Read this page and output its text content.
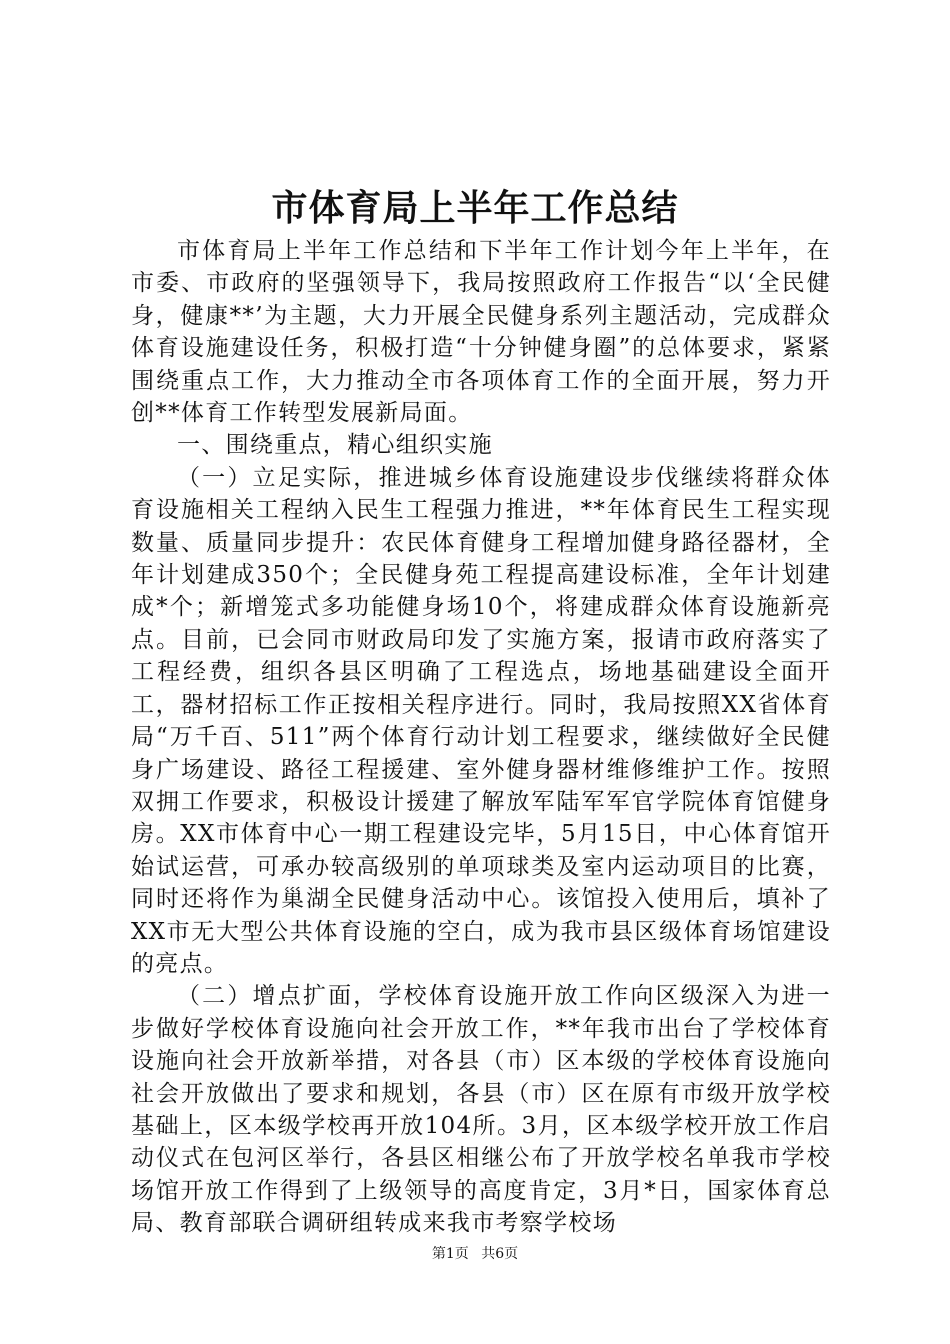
市体育局上半年工作总结

市体育局上半年工作总结和下半年工作计划今年上半年，在市委、市政府的坚强领导下，我局按照政府工作报告“以‘全民健身，健康**’为主题，大力开展全民健身系列主题活动，完成群众体育设施建设任务，积极打造“十分钟健身圈”的总体要求，紧紧围绕重点工作，大力推动全市各项体育工作的全面开展，努力开创**体育工作转型发展新局面。

一、围绕重点，精心组织实施

（一）立足实际，推进城乡体育设施建设步伐继续将群众体育设施相关工程纳入民生工程强力推进，**年体育民生工程实现数量、质量同步提升：农民体育健身工程增加健身路径器材，全年计划建成350个；全民健身苑工程提高建设标准，全年计划建成*个；新增笼式多功能健身场10个，将建成群众体育设施新亮点。目前，已会同市财政局印发了实施方案，报请市政府落实了工程经费，组织各县区明确了工程选点，场地基础建设全面开工，器材招标工作正按相关程序进行。同时，我局按照XX省体育局“万千百、511”两个体育行动计划工程要求，继续做好全民健身广场建设、路径工程援建、室外健身器材维修维护工作。按照双拥工作要求，积极设计援建了解放军陆军军官学院体育馆健身房。XX市体育中心一期工程建设完毕，5月15日，中心体育馆开始试运营，可承办较高级别的单项球类及室内运动项目的比赛，同时还将作为巢湖全民健身活动中心。该馆投入使用后，填补了XX市无大型公共体育设施的空白，成为我市县区级体育场馆建设的亮点。

（二）增点扩面，学校体育设施开放工作向区级深入为进一步做好学校体育设施向社会开放工作，**年我市出台了学校体育设施向社会开放新举措，对各县（市）区本级的学校体育设施向社会开放做出了要求和规划，各县（市）区在原有市级开放学校基础上，区本级学校再开放104所。3月，区本级学校开放工作启动仪式在包河区举行，各县区相继公布了开放学校名单我市学校场馆开放工作得到了上级领导的高度肯定，3月*日，国家体育总局、教育部联合调研组转成来我市考察学校场

第1页 共6页
